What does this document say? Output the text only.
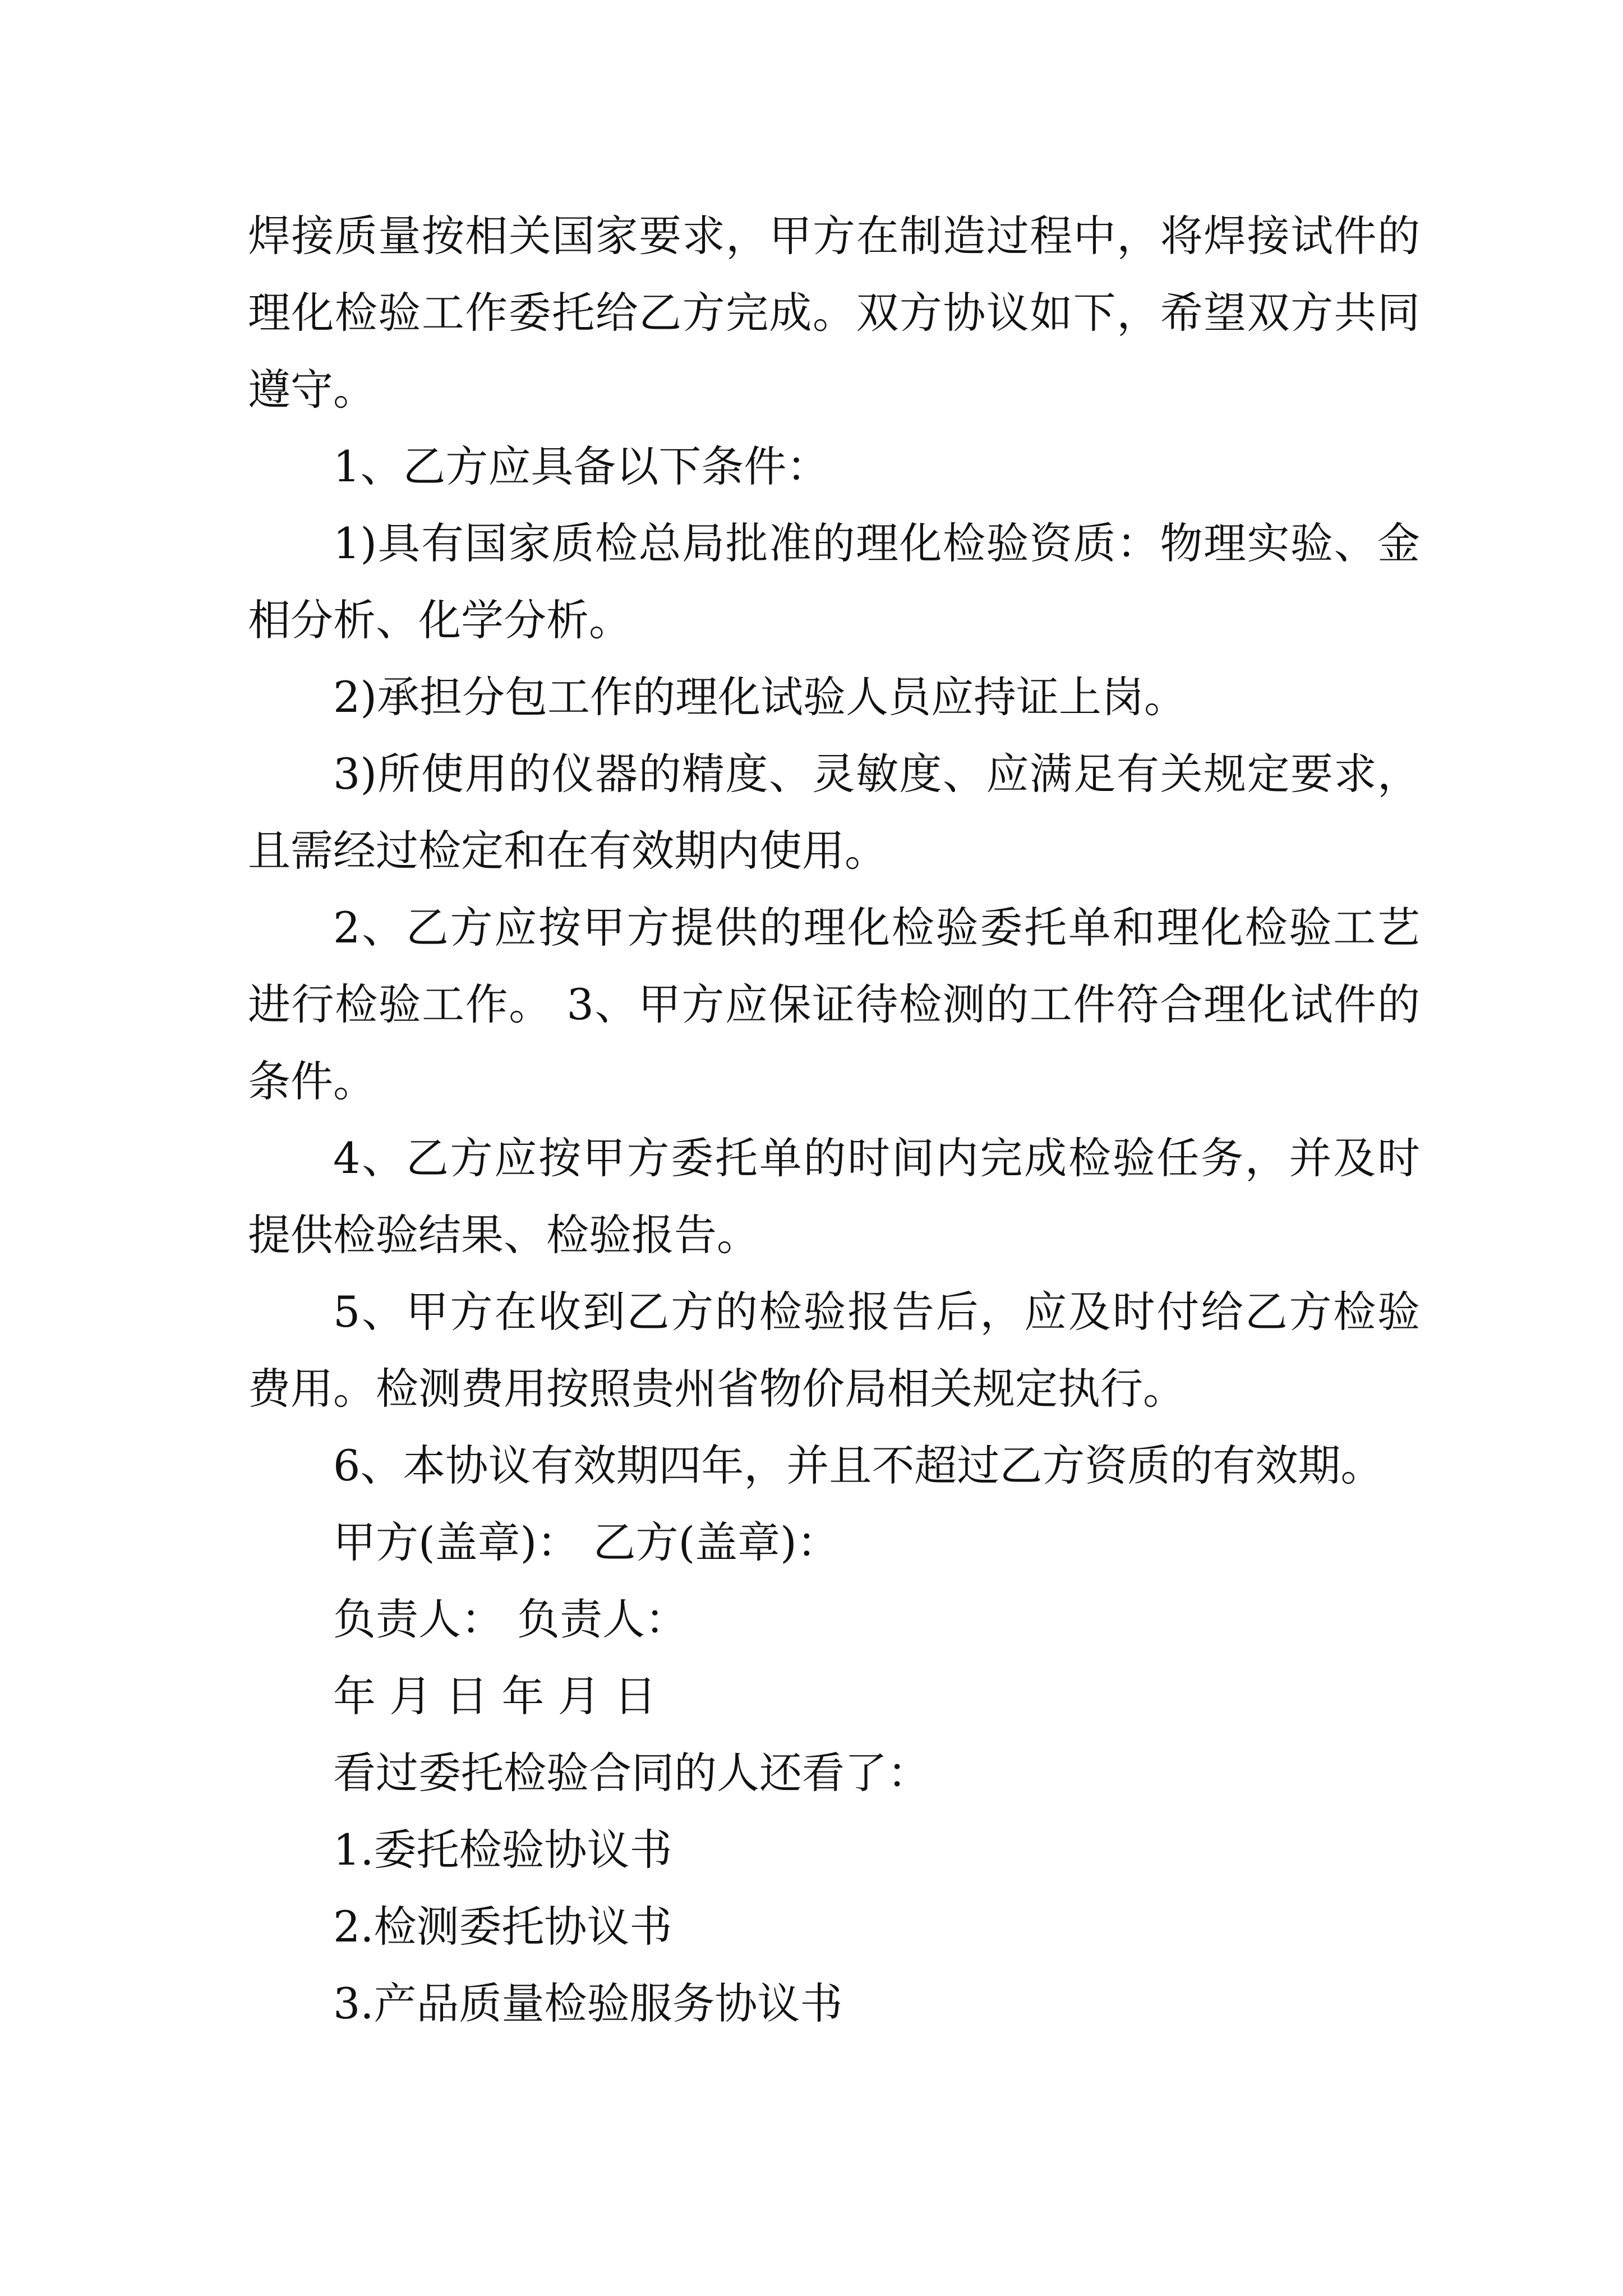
焊接质量按相关国家要求，甲方在制造过程中，将焊接试件的理化检验工作委托给乙方完成。双方协议如下，希望双方共同遵守。

1、乙方应具备以下条件：

1)具有国家质检总局批准的理化检验资质：物理实验、金相分析、化学分析。

2)承担分包工作的理化试验人员应持证上岗。

3)所使用的仪器的精度、灵敏度、应满足有关规定要求，且需经过检定和在有效期内使用。

2、乙方应按甲方提供的理化检验委托单和理化检验工艺进行检验工作。 3、甲方应保证待检测的工件符合理化试件的条件。

4、乙方应按甲方委托单的时间内完成检验任务，并及时提供检验结果、检验报告。

5、甲方在收到乙方的检验报告后，应及时付给乙方检验费用。检测费用按照贵州省物价局相关规定执行。

6、本协议有效期四年，并且不超过乙方资质的有效期。

甲方(盖章)： 乙方(盖章)：

负责人： 负责人：

年 月 日 年 月 日

看过委托检验合同的人还看了：

1.委托检验协议书

2.检测委托协议书

3.产品质量检验服务协议书
